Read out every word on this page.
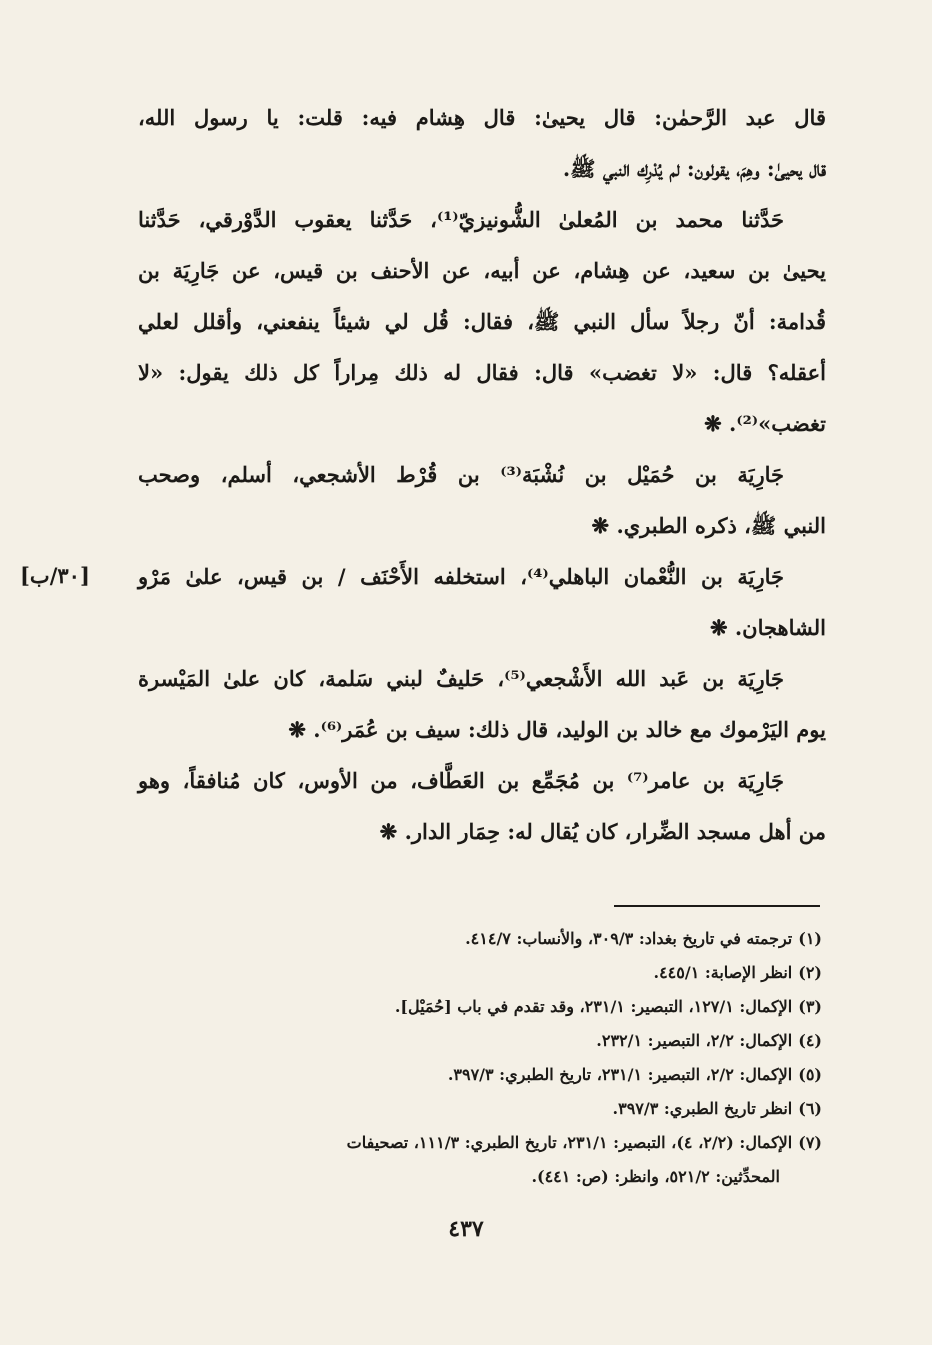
قال عبد الرَّحمٰن: قال يحيىٰ: قال هِشام فيه: قلت: يا رسول الله،
قال يحيىٰ: وهِمَ، يقولون: لم يُدْرِك النبي ﷺ.
حَدَّثنا محمد بن المُعلىٰ الشُّونيزيّ⁽¹⁾، حَدَّثنا يعقوب الدَّوْرقي، حَدَّثنا
يحيىٰ بن سعيد، عن هِشام، عن أبيه، عن الأحنف بن قيس، عن جَارِيَة بن
قُدامة: أنّ رجلاً سأل النبي ﷺ، فقال: قُل لي شيئاً ينفعني، وأقلل لعلي
أعقله؟ قال: «لا تغضب» قال: فقال له ذلك مِراراً كل ذلك يقول: «لا
تغضب»⁽²⁾. ❋
جَارِيَة بن حُمَيْل بن نُشْبَة⁽³⁾ بن قُرْط الأشجعي، أسلم، وصحب
النبي ﷺ، ذكره الطبري. ❋
جَارِيَة بن النُّعْمان الباهلي⁽⁴⁾، استخلفه الأَحْنَف / بن قيس، علىٰ مَرْو
الشاهجان. ❋
جَارِيَة بن عَبد الله الأَشْجعي⁽⁵⁾، حَليفٌ لبني سَلمة، كان علىٰ المَيْسرة
يوم اليَرْموك مع خالد بن الوليد، قال ذلك: سيف بن عُمَر⁽⁶⁾. ❋
جَارِيَة بن عامر⁽⁷⁾ بن مُجَمِّع بن العَطَّاف، من الأوس، كان مُنافقاً، وهو
من أهل مسجد الضِّرار، كان يُقال له: حِمَار الدار. ❋
[٣٠/ب]
(١)ترجمته في تاريخ بغداد: ٣٠٩/٣، والأنساب: ٤١٤/٧.
(٢)انظر الإصابة: ٤٤٥/١.
(٣)الإكمال: ١٢٧/١، التبصير: ٢٣١/١، وقد تقدم في باب [حُمَيْل].
(٤)الإكمال: ٢/٢، التبصير: ٢٣٢/١.
(٥)الإكمال: ٢/٢، التبصير: ٢٣١/١، تاريخ الطبري: ٣٩٧/٣.
(٦)انظر تاريخ الطبري: ٣٩٧/٣.
(٧)الإكمال: (٢/٢، ٤)، التبصير: ٢٣١/١، تاريخ الطبري: ١١١/٣، تصحيفات
المحدِّثين: ٥٢١/٢، وانظر: (ص: ٤٤١).
٤٣٧
